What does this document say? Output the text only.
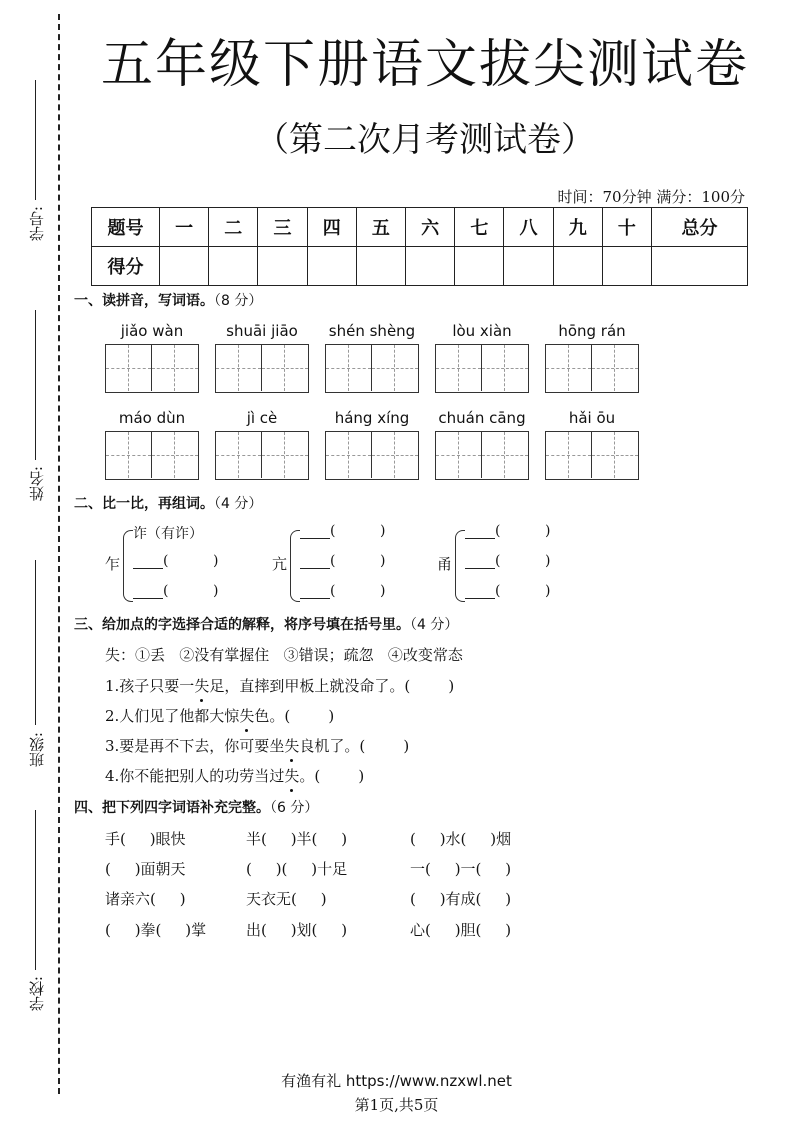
学号:
姓名:
班级:
学校:
五年级下册语文拔尖测试卷
（第二次月考测试卷）
时间：70分钟 满分：100分
题号	一	二	三	四	五	六	七	八	九	十	总分
得分											
一、读拼音，写词语。（8 分）
jiǎo wàn	shuāi jiāo	shén shèng	lòu xiàn	hōng rán
máo dùn	jì cè	háng xíng	chuán cāng	hǎi ōu
二、比一比，再组词。（4 分）
乍
诈（有诈）
(          )
(          )
亢
(          )
(          )
(          )
甬
(          )
(          )
(          )
三、给加点的字选择合适的解释，将序号填在括号里。（4 分）
失：①丢   ②没有掌握住   ③错误；疏忽   ④改变常态
1.孩子只要一失足，直摔到甲板上就没命了。(        )
2.人们见了他都大惊失色。(        )
3.要是再不下去，你可要坐失良机了。(        )
4.你不能把别人的功劳当过失。(        )
四、把下列四字词语补充完整。（6 分）
手(     )眼快	半(     )半(     )	(     )水(     )烟
(     )面朝天	(     )(     )十足	一(     )一(     )
诸亲六(     )	天衣无(     )	(     )有成(     )
(     )拳(     )掌	出(     )划(     )	心(     )胆(     )
有渔有礼 https://www.nzxwl.net
第1页,共5页
